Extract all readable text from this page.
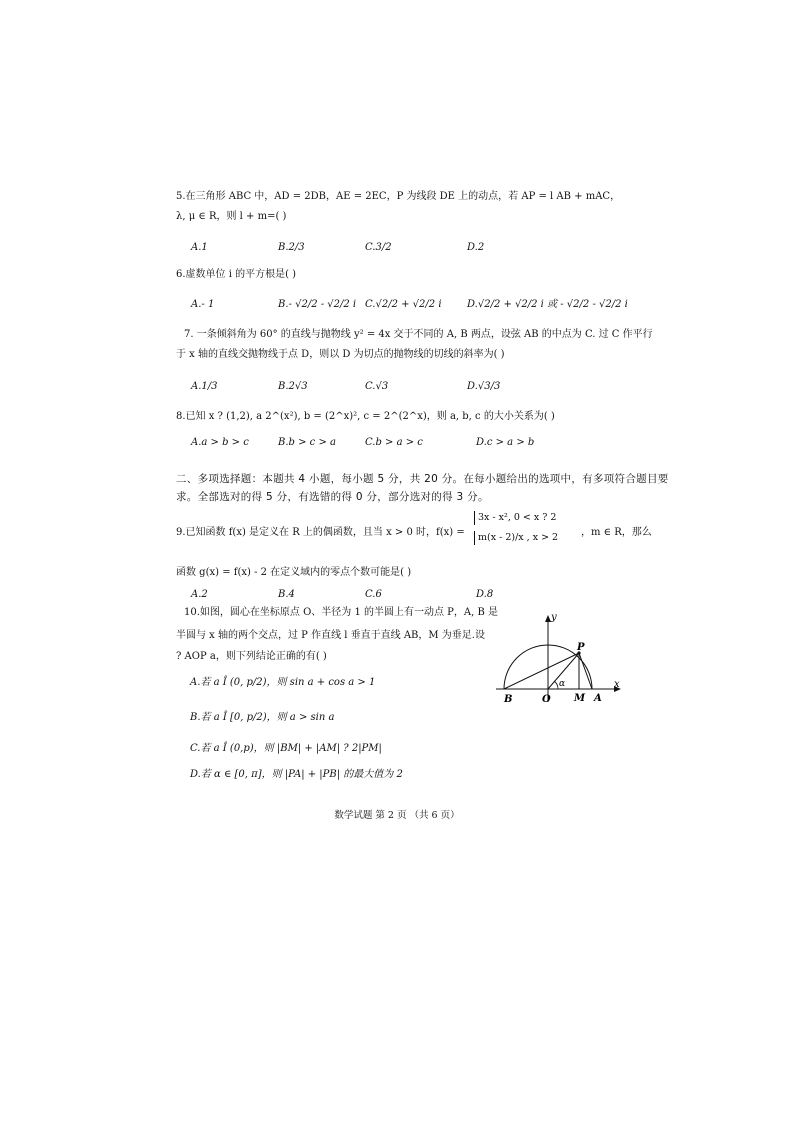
5.在三角形 ABC 中，AD = 2DB，AE = 2EC，P 为线段 DE 上的动点，若 AP = l AB + mAC，
λ, μ ∈ R，则 l + m=( )
A.1	B.2/3	C.3/2	D.2
6.虚数单位 i 的平方根是( )
A.- 1	B.- √2/2 - √2/2 i C.√2/2 + √2/2 i	D.√2/2 + √2/2 i 或 - √2/2 - √2/2 i
7. 一条倾斜角为 60° 的直线与抛物线 y² = 4x 交于不同的 A, B 两点，设弦 AB 的中点为 C. 过 C 作平行
于 x 轴的直线交抛物线于点 D，则以 D 为切点的抛物线的切线的斜率为( )
A.1/3	B.2√3	C.√3	D.√3/3
8.已知 x ? (1,2), a 2^(x²), b = (2^x)², c = 2^(2^x)，则 a, b, c 的大小关系为( )
A.a > b > c	B.b > c > a	C.b > a > c	D.c > a > b
二、多项选择题：本题共 4 小题，每小题 5 分，共 20 分。在每小题给出的选项中，有多项符合题目要
求。全部选对的得 5 分，有选错的得 0 分，部分选对的得 3 分。
9.已知函数 f(x) 是定义在 R 上的偶函数，且当 x > 0 时，f(x) =
3x - x², 0 < x ? 2
m(x - 2)/x , x > 2 ，m ∈ R，那么
函数 g(x) = f(x) - 2 在定义域内的零点个数可能是( )
A.2	B.4	C.6	D.8
10.如图，圆心在坐标原点 O、半径为 1 的半圆上有一动点 P，A, B 是
半圆与 x 轴的两个交点，过 P 作直线 l 垂直于直线 AB，M 为垂足.设
? AOP a，则下列结论正确的有( )
A.若 a Î (0, p/2)，则 sin a + cos a > 1
B.若 a Î [0, p/2)，则 a > sin a
C.若 a Î (0,p)，则 |BM| + |AM| ? 2|PM|
D.若 α ∈ [0, π]，则 |PA| + |PB| 的最大值为 2
y
x
P
B	O M A
α
数学试题 第 2 页 （共 6 页）
